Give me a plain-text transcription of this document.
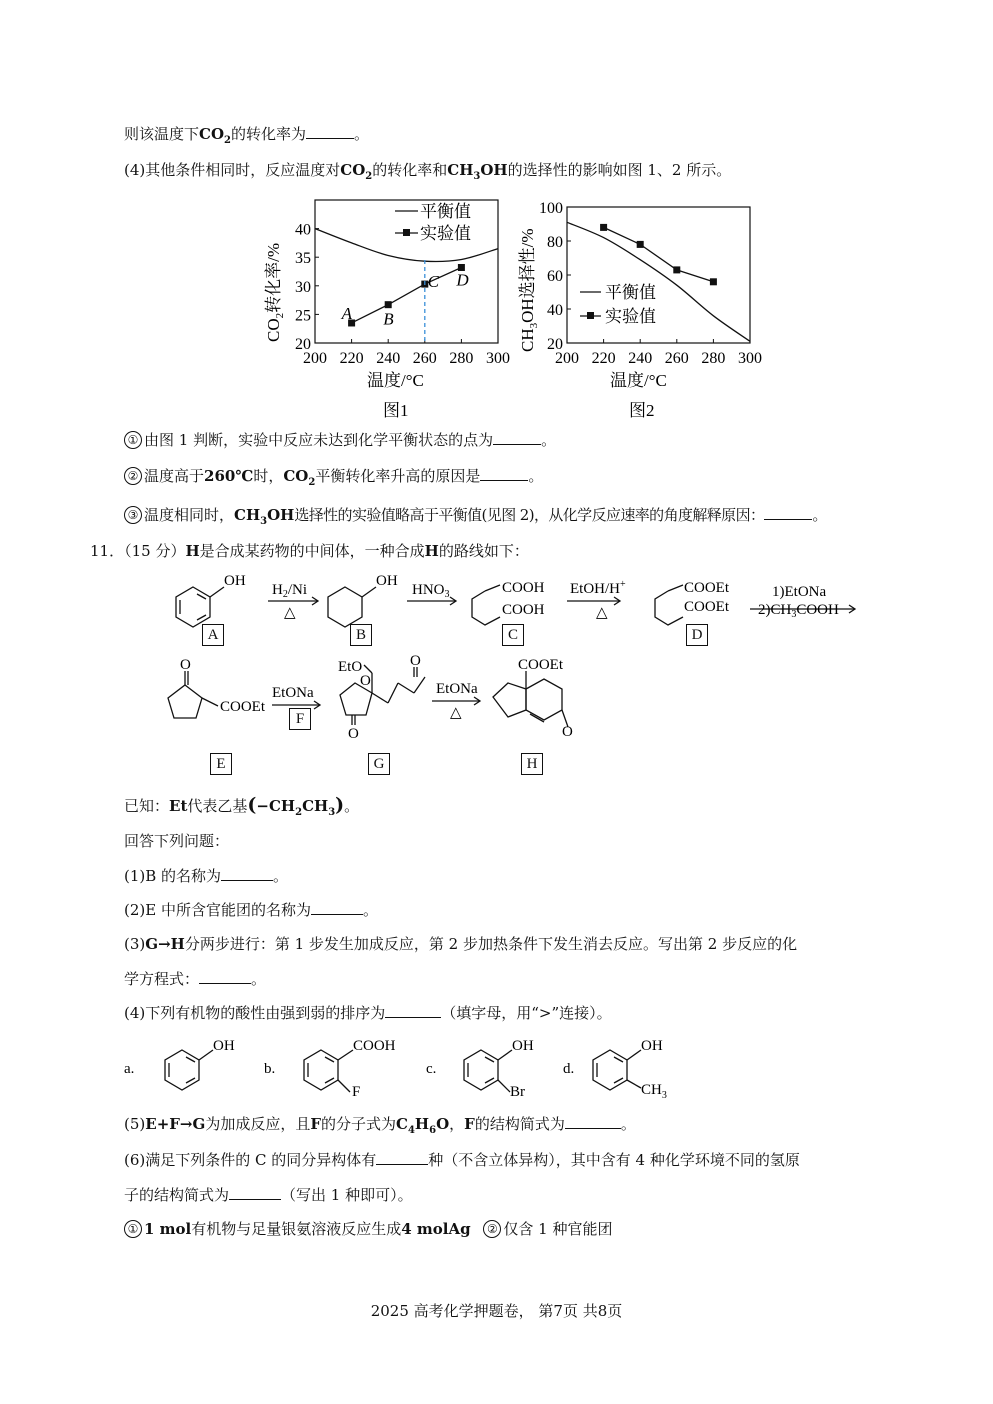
则该温度下$CO_2$的转化率为	。
(4)其他条件相同时，反应温度对$CO_2$的转化率和$CH_3OH$的选择性的影响如图 1、2 所示。
200 220 240 260 280 300
20
25
30
35
40
A B
C D
平衡值
实验值
$CO_2$转化率/%
温度/°C
图1
200 220 240 260 280 300
20
40
60
80
100
平衡值
实验值
$CH_3OH$选择性/%
温度/°C
图2
① 由图 1 判断，实验中反应未达到化学平衡状态的点为	。
② 温度高于260℃时，$CO_2$平衡转化率升高的原因是	。
③ 温度相同时，$CH_3OH$选择性的实验值略高于平衡值(见图 2)，从化学反应速率的角度解释原因：	。
11．（15 分）H是合成某药物的中间体，一种合成H的路线如下：
OH
$H_2/Ni$
△
OH
$HNO_3$	COOH
COOH
EtOH/H+
△
COOEt
COOEt
1)EtONa
$2)CH_3COOH$
O
COOEt
EtONa
EtO
O
O
O
EtONa
△
COOEt
O
A	B	C	D
F
E	G	H
已知：Et代表乙基$(-CH_2CH_3)$。
回答下列问题：
(1)B 的名称为	。
(2)E 中所含官能团的名称为	。
(3)G→H分两步进行：第 1 步发生加成反应，第 2 步加热条件下发生消去反应。写出第 2 步反应的化
学方程式：	。
(4)下列有机物的酸性由强到弱的排序为	（填字母，用“>”连接）。
a.
OH
b.
COOH
F
c.
OH
Br
d.
OH
$CH_3$
(5)E+F→G为加成反应，且F的分子式为$C_4H_6O$，F的结构简式为	。
(6)满足下列条件的 C 的同分异构体有	种（不含立体异构），其中含有 4 种化学环境不同的氢原
子的结构简式为	（写出 1 种即可）。
① 1 mol有机物与足量银氨溶液反应生成4 molAg ② 仅含 1 种官能团
2025 高考化学押题卷， 第7页 共8页
